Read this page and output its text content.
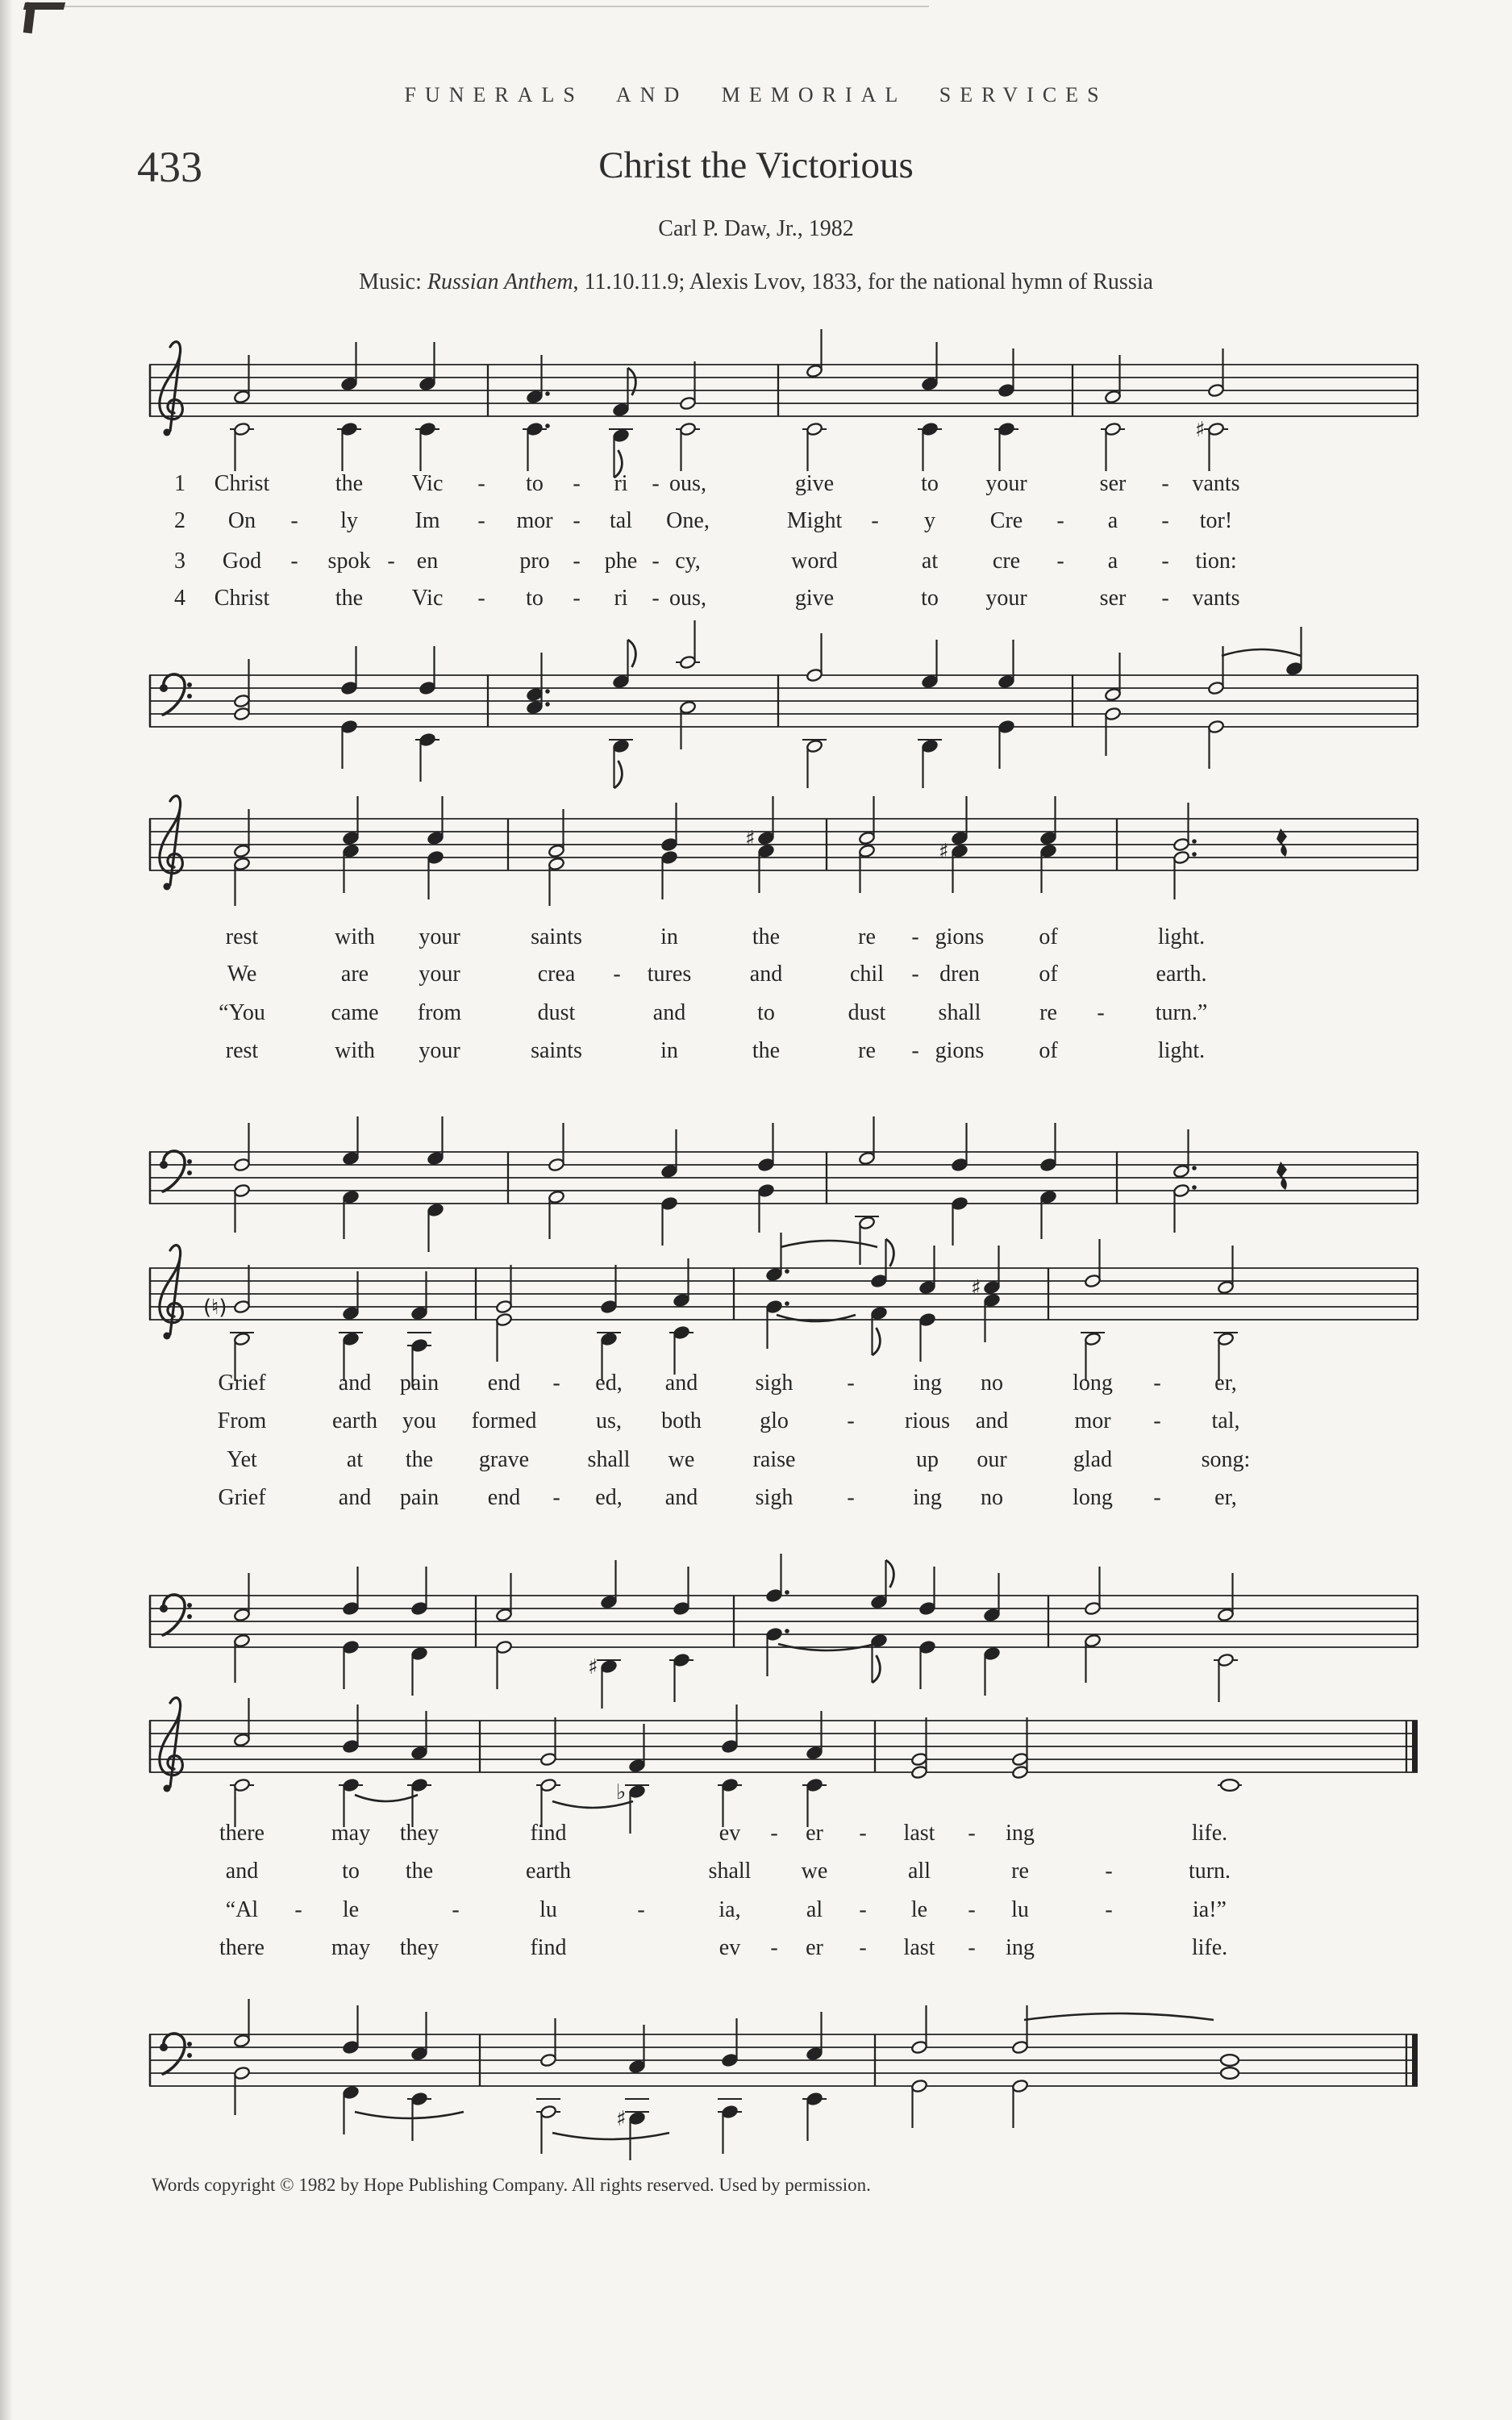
FUNERALS AND MEMORIAL SERVICES
433	Christ the Victorious
Carl P. Daw, Jr., 1982
Music: Russian Anthem, 11.10.11.9; Alexis Lvov, 1833, for the national hymn of Russia
♯
1 Christ	the Vic - to - ri - ous,	give	to your	ser - vants
2 On - ly	Im - mor - tal One,	Might - y Cre - a - tor!
3 God - spok - en	pro - phe - cy,	word	at cre - a - tion:
4 Christ	the Vic - to - ri - ous,	give	to your	ser - vants
♯
♯
rest	with your	saints	in	the	re - gions of	light.
We	are your	crea - tures	and	chil - dren	of	earth.
“You	came from	dust	and	to	dust shall	re - turn.”
rest	with your	saints	in	the	re - gions of	light.
(♮)
♯
Grief	and pain end - ed, and	sigh -	ing no	long - er,
From	earth you formed	us, both	glo	- rious and	mor - tal,
Yet	at the grave	shall we	raise	up our	glad	song:
Grief	and pain end - ed, and	sigh -	ing no	long - er,
♯
♭
there	may they	find	ev - er - last - ing	life.
and	to the	earth	shall we	all	re	-	turn.
“Al - le	-	lu	-	ia,	al - le - lu	-	ia!”
there	may they	find	ev - er - last - ing	life.
♯
Words copyright © 1982 by Hope Publishing Company. All rights reserved. Used by permission.
